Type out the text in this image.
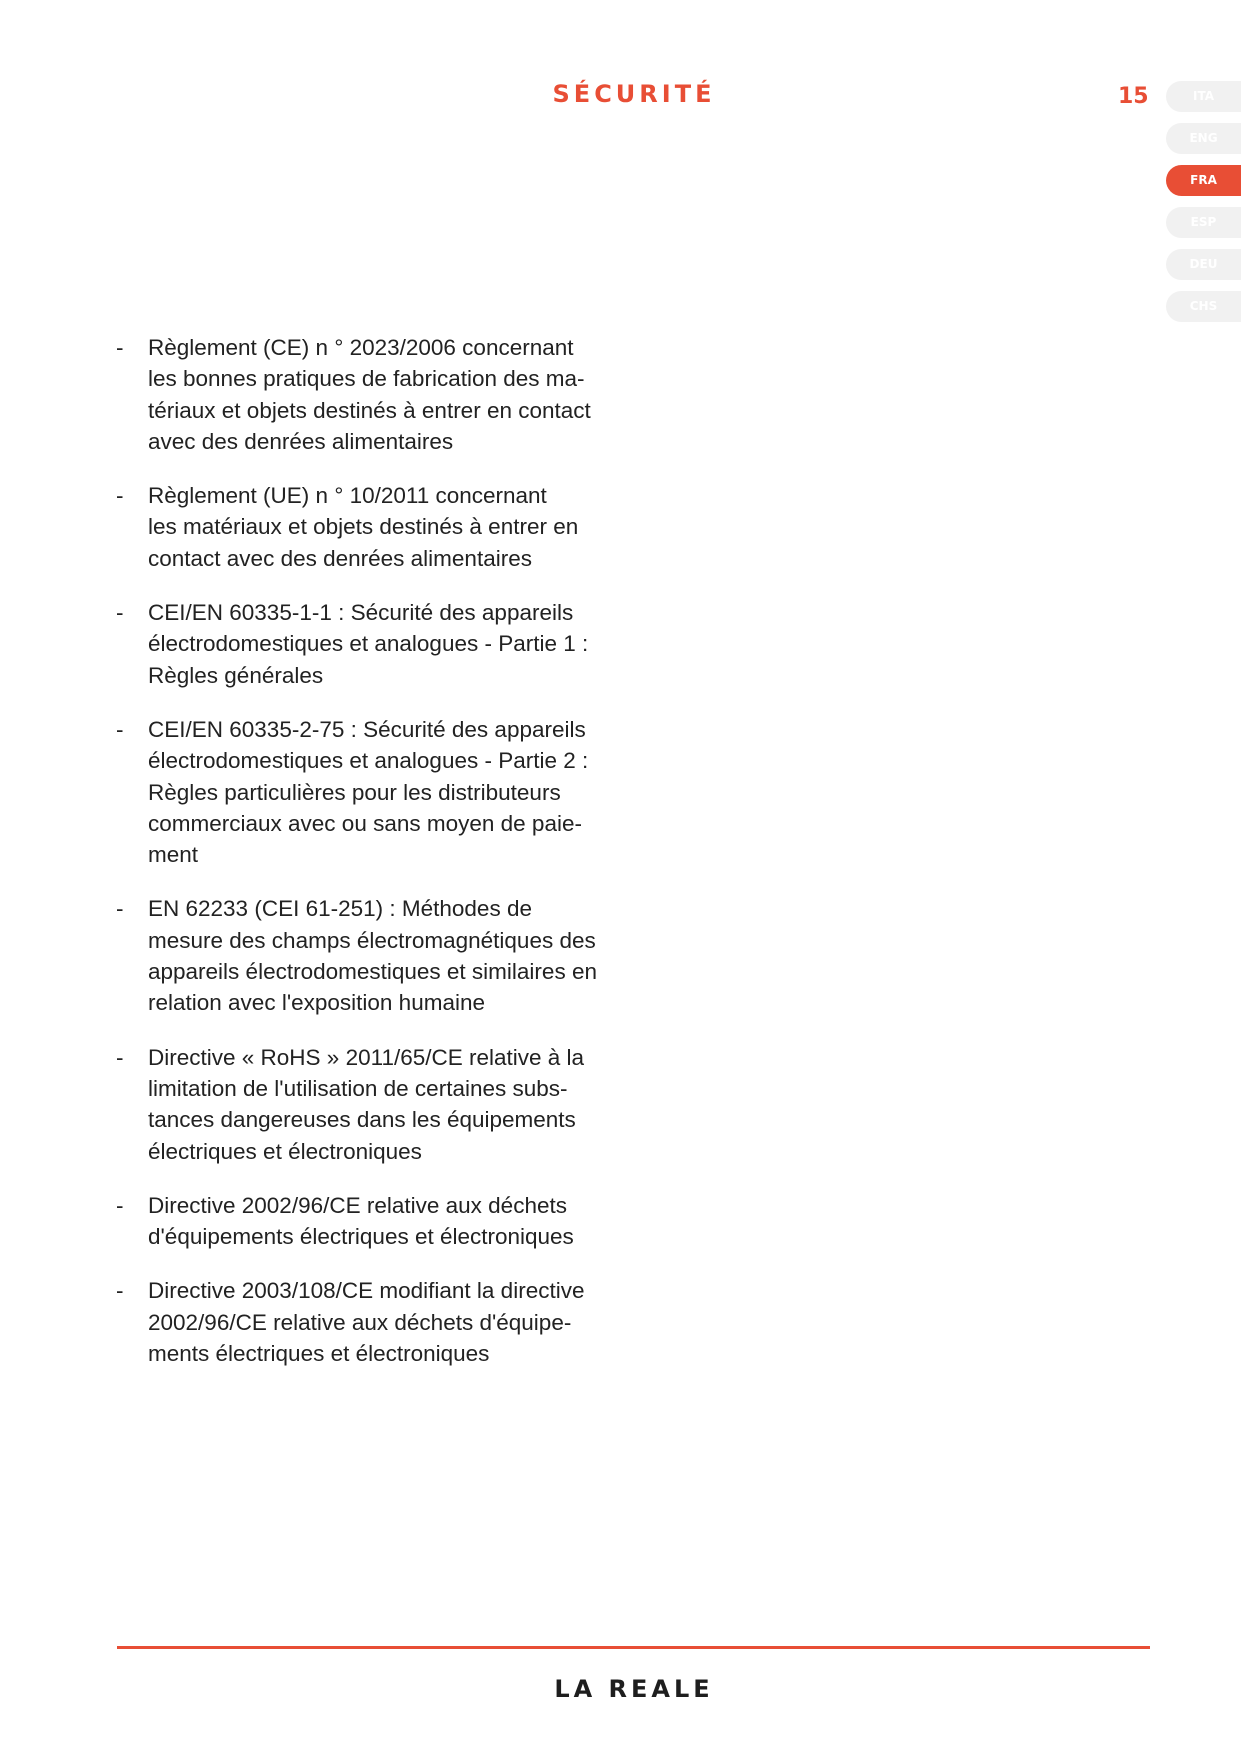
SÉCURITÉ	15	ITA
ENG
FRA
ESP
DEU
CHS
- Règlement (CE) n ° 2023/2006 concernant
les bonnes pratiques de fabrication des ma-
tériaux et objets destinés à entrer en contact
avec des denrées alimentaires
- Règlement (UE) n ° 10/2011 concernant
les matériaux et objets destinés à entrer en
contact avec des denrées alimentaires
- CEI/EN 60335-1-1 : Sécurité des appareils
électrodomestiques et analogues - Partie 1 :
Règles générales
- CEI/EN 60335-2-75 : Sécurité des appareils
électrodomestiques et analogues - Partie 2 :
Règles particulières pour les distributeurs
commerciaux avec ou sans moyen de paie-
ment
- EN 62233 (CEI 61-251) : Méthodes de
mesure des champs électromagnétiques des
appareils électrodomestiques et similaires en
relation avec l'exposition humaine
- Directive « RoHS » 2011/65/CE relative à la
limitation de l'utilisation de certaines subs-
tances dangereuses dans les équipements
électriques et électroniques
- Directive 2002/96/CE relative aux déchets
d'équipements électriques et électroniques
- Directive 2003/108/CE modifiant la directive
2002/96/CE relative aux déchets d'équipe-
ments électriques et électroniques
LA REALE
